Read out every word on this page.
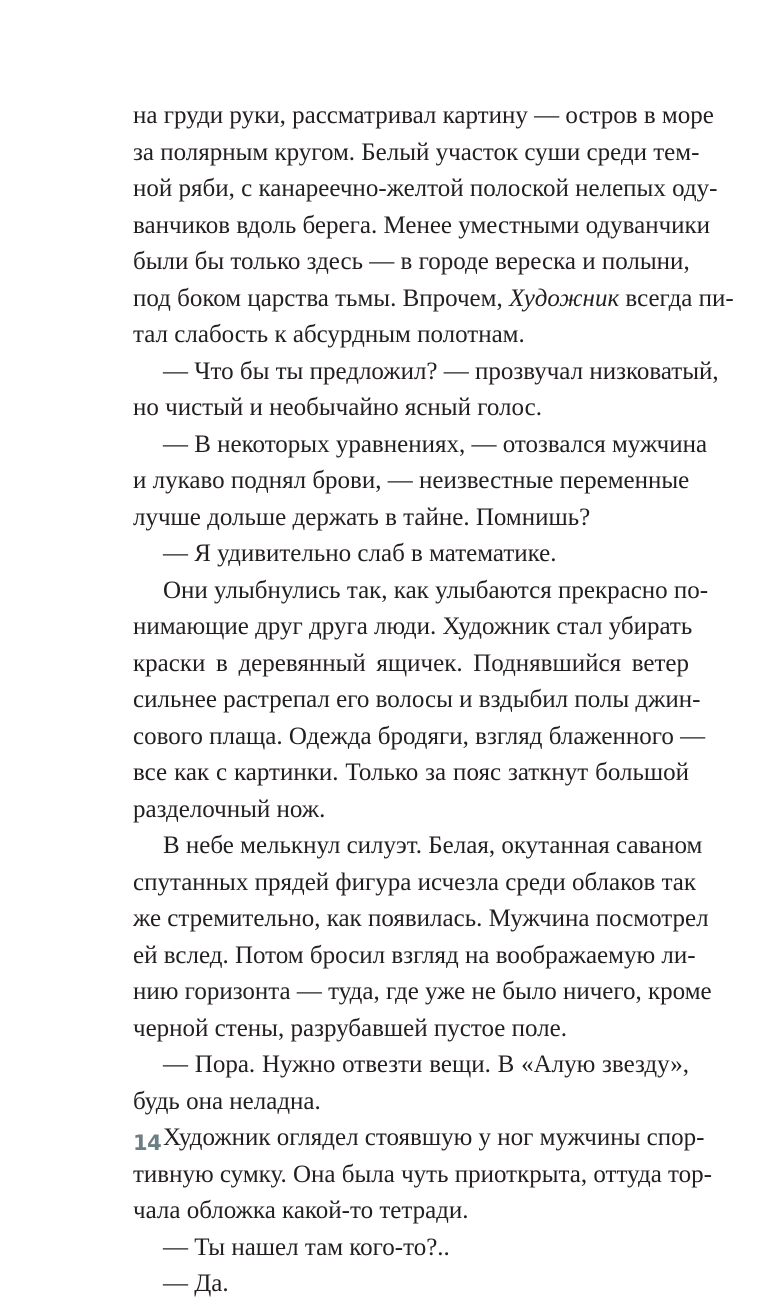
на груди руки, рассматривал картину — остров в море
за полярным кругом. Белый участок суши среди тем-
ной ряби, с канареечно-желтой полоской нелепых оду-
ванчиков вдоль берега. Менее уместными одуванчики
были бы только здесь — в городе вереска и полыни,
под боком царства тьмы. Впрочем, Художник всегда пи-
тал слабость к абсурдным полотнам.
— Что бы ты предложил? — прозвучал низковатый,
но чистый и необычайно ясный голос.
— В некоторых уравнениях, — отозвался мужчина
и лукаво поднял брови, — неизвестные переменные
лучше дольше держать в тайне. Помнишь?
— Я удивительно слаб в математике.
Они улыбнулись так, как улыбаются прекрасно по-
нимающие друг друга люди. Художник стал убирать
краски в деревянный ящичек. Поднявшийся ветер
сильнее растрепал его волосы и вздыбил полы джин-
сового плаща. Одежда бродяги, взгляд блаженного —
все как с картинки. Только за пояс заткнут большой
разделочный нож.
В небе мелькнул силуэт. Белая, окутанная саваном
спутанных прядей фигура исчезла среди облаков так
же стремительно, как появилась. Мужчина посмотрел
ей вслед. Потом бросил взгляд на воображаемую ли-
нию горизонта — туда, где уже не было ничего, кроме
черной стены, разрубавшей пустое поле.
— Пора. Нужно отвезти вещи. В «Алую звезду»,
будь она неладна.
Художник оглядел стоявшую у ног мужчины спор-
тивную сумку. Она была чуть приоткрыта, оттуда тор-
чала обложка какой-то тетради.
— Ты нашел там кого-то?..
— Да.
14
